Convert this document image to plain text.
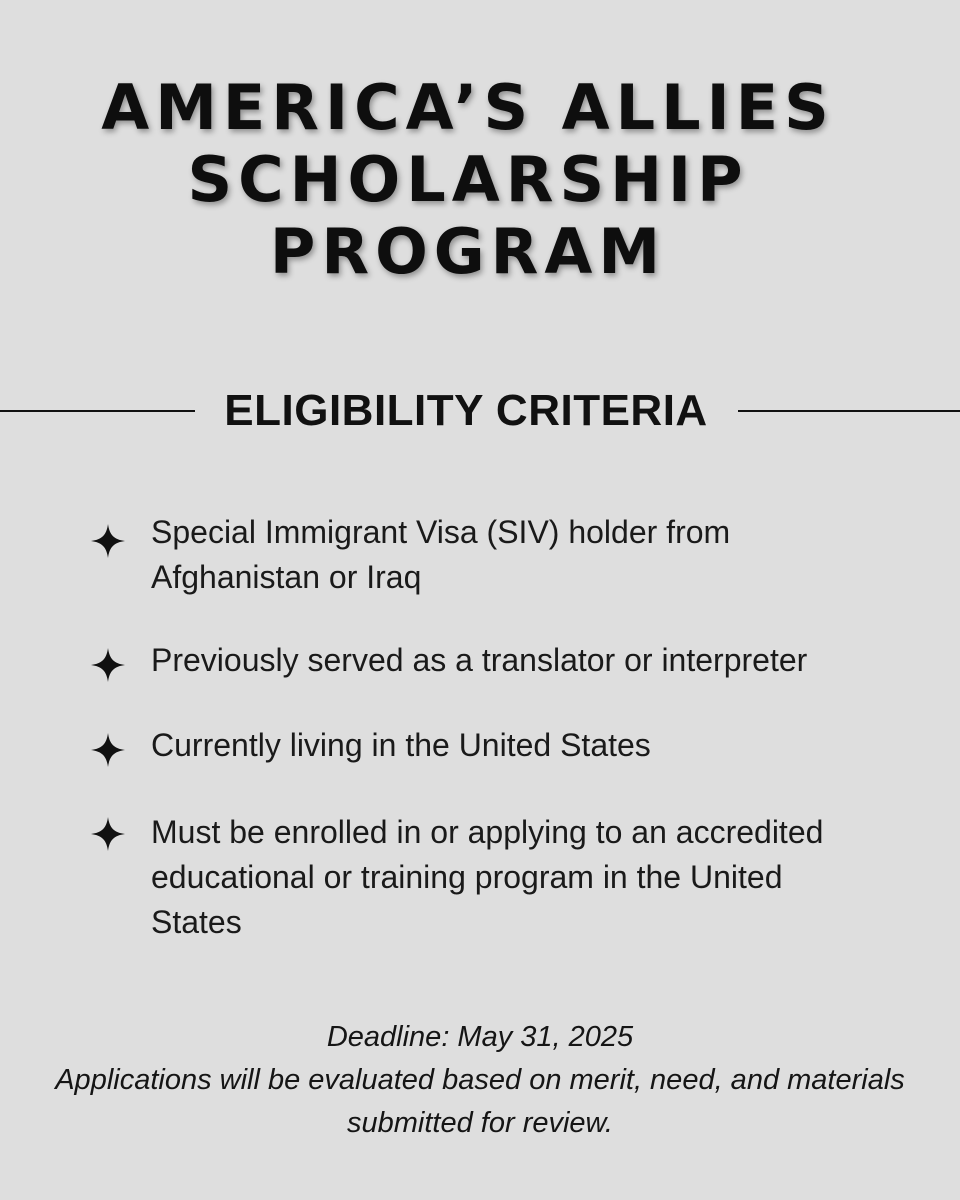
AMERICA’S ALLIES
SCHOLARSHIP
PROGRAM
ELIGIBILITY CRITERIA
Special Immigrant Visa (SIV) holder from Afghanistan or Iraq
Previously served as a translator or interpreter
Currently living in the United States
Must be enrolled in or applying to an accredited educational or training program in the United States
Deadline: May 31, 2025
Applications will be evaluated based on merit, need, and materials submitted for review.
